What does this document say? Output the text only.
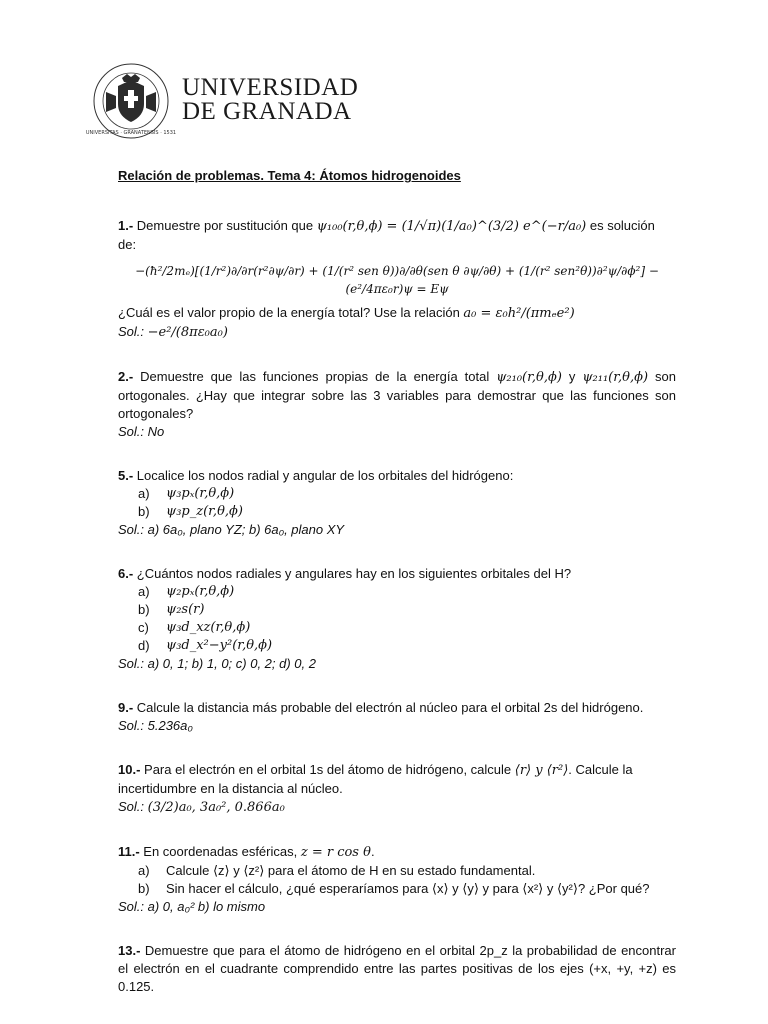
UNIVERSITAS · GRANATENSIS · 1531
UNIVERSIDAD
DE GRANADA
Relación de problemas. Tema 4: Átomos hidrogenoides
1.- Demuestre por sustitución que ψ₁₀₀(r,θ,ϕ) = (1/√π)(1/a₀)^(3/2) e^(−r/a₀) es solución de:
−(ħ²/2mₑ)[(1/r²)∂/∂r(r²∂ψ/∂r) + (1/(r² sen θ))∂/∂θ(sen θ ∂ψ/∂θ) + (1/(r² sen²θ))∂²ψ/∂ϕ²] − (e²/4πε₀r)ψ = Eψ
¿Cuál es el valor propio de la energía total? Use la relación a₀ = ε₀h²/(πmₑe²)
Sol.: −e²/(8πε₀a₀)
2.- Demuestre que las funciones propias de la energía total ψ₂₁₀(r,θ,ϕ) y ψ₂₁₁(r,θ,ϕ) son ortogonales. ¿Hay que integrar sobre las 3 variables para demostrar que las funciones son ortogonales?
Sol.: No
5.- Localice los nodos radial y angular de los orbitales del hidrógeno:
a)	ψ₃pₓ(r,θ,ϕ)
b)	ψ₃p_z(r,θ,ϕ)
Sol.: a) 6a₀, plano YZ; b) 6a₀, plano XY
6.- ¿Cuántos nodos radiales y angulares hay en los siguientes orbitales del H?
a)	ψ₂pₓ(r,θ,ϕ)
b)	ψ₂s(r)
c)	ψ₃d_xz(r,θ,ϕ)
d)	ψ₃d_x²−y²(r,θ,ϕ)
Sol.: a) 0, 1; b) 1, 0; c) 0, 2; d) 0, 2
9.- Calcule la distancia más probable del electrón al núcleo para el orbital 2s del hidrógeno.
Sol.: 5.236a₀
10.- Para el electrón en el orbital 1s del átomo de hidrógeno, calcule ⟨r⟩ y ⟨r²⟩. Calcule la incertidumbre en la distancia al núcleo.
Sol.: (3/2)a₀, 3a₀², 0.866a₀
11.- En coordenadas esféricas, z = r cos θ.
a)	Calcule ⟨z⟩ y ⟨z²⟩ para el átomo de H en su estado fundamental.
b)	Sin hacer el cálculo, ¿qué esperaríamos para ⟨x⟩ y ⟨y⟩ y para ⟨x²⟩ y ⟨y²⟩? ¿Por qué?
Sol.: a) 0, a₀² b) lo mismo
13.- Demuestre que para el átomo de hidrógeno en el orbital 2p_z la probabilidad de encontrar el electrón en el cuadrante comprendido entre las partes positivas de los ejes (+x, +y, +z) es 0.125.
